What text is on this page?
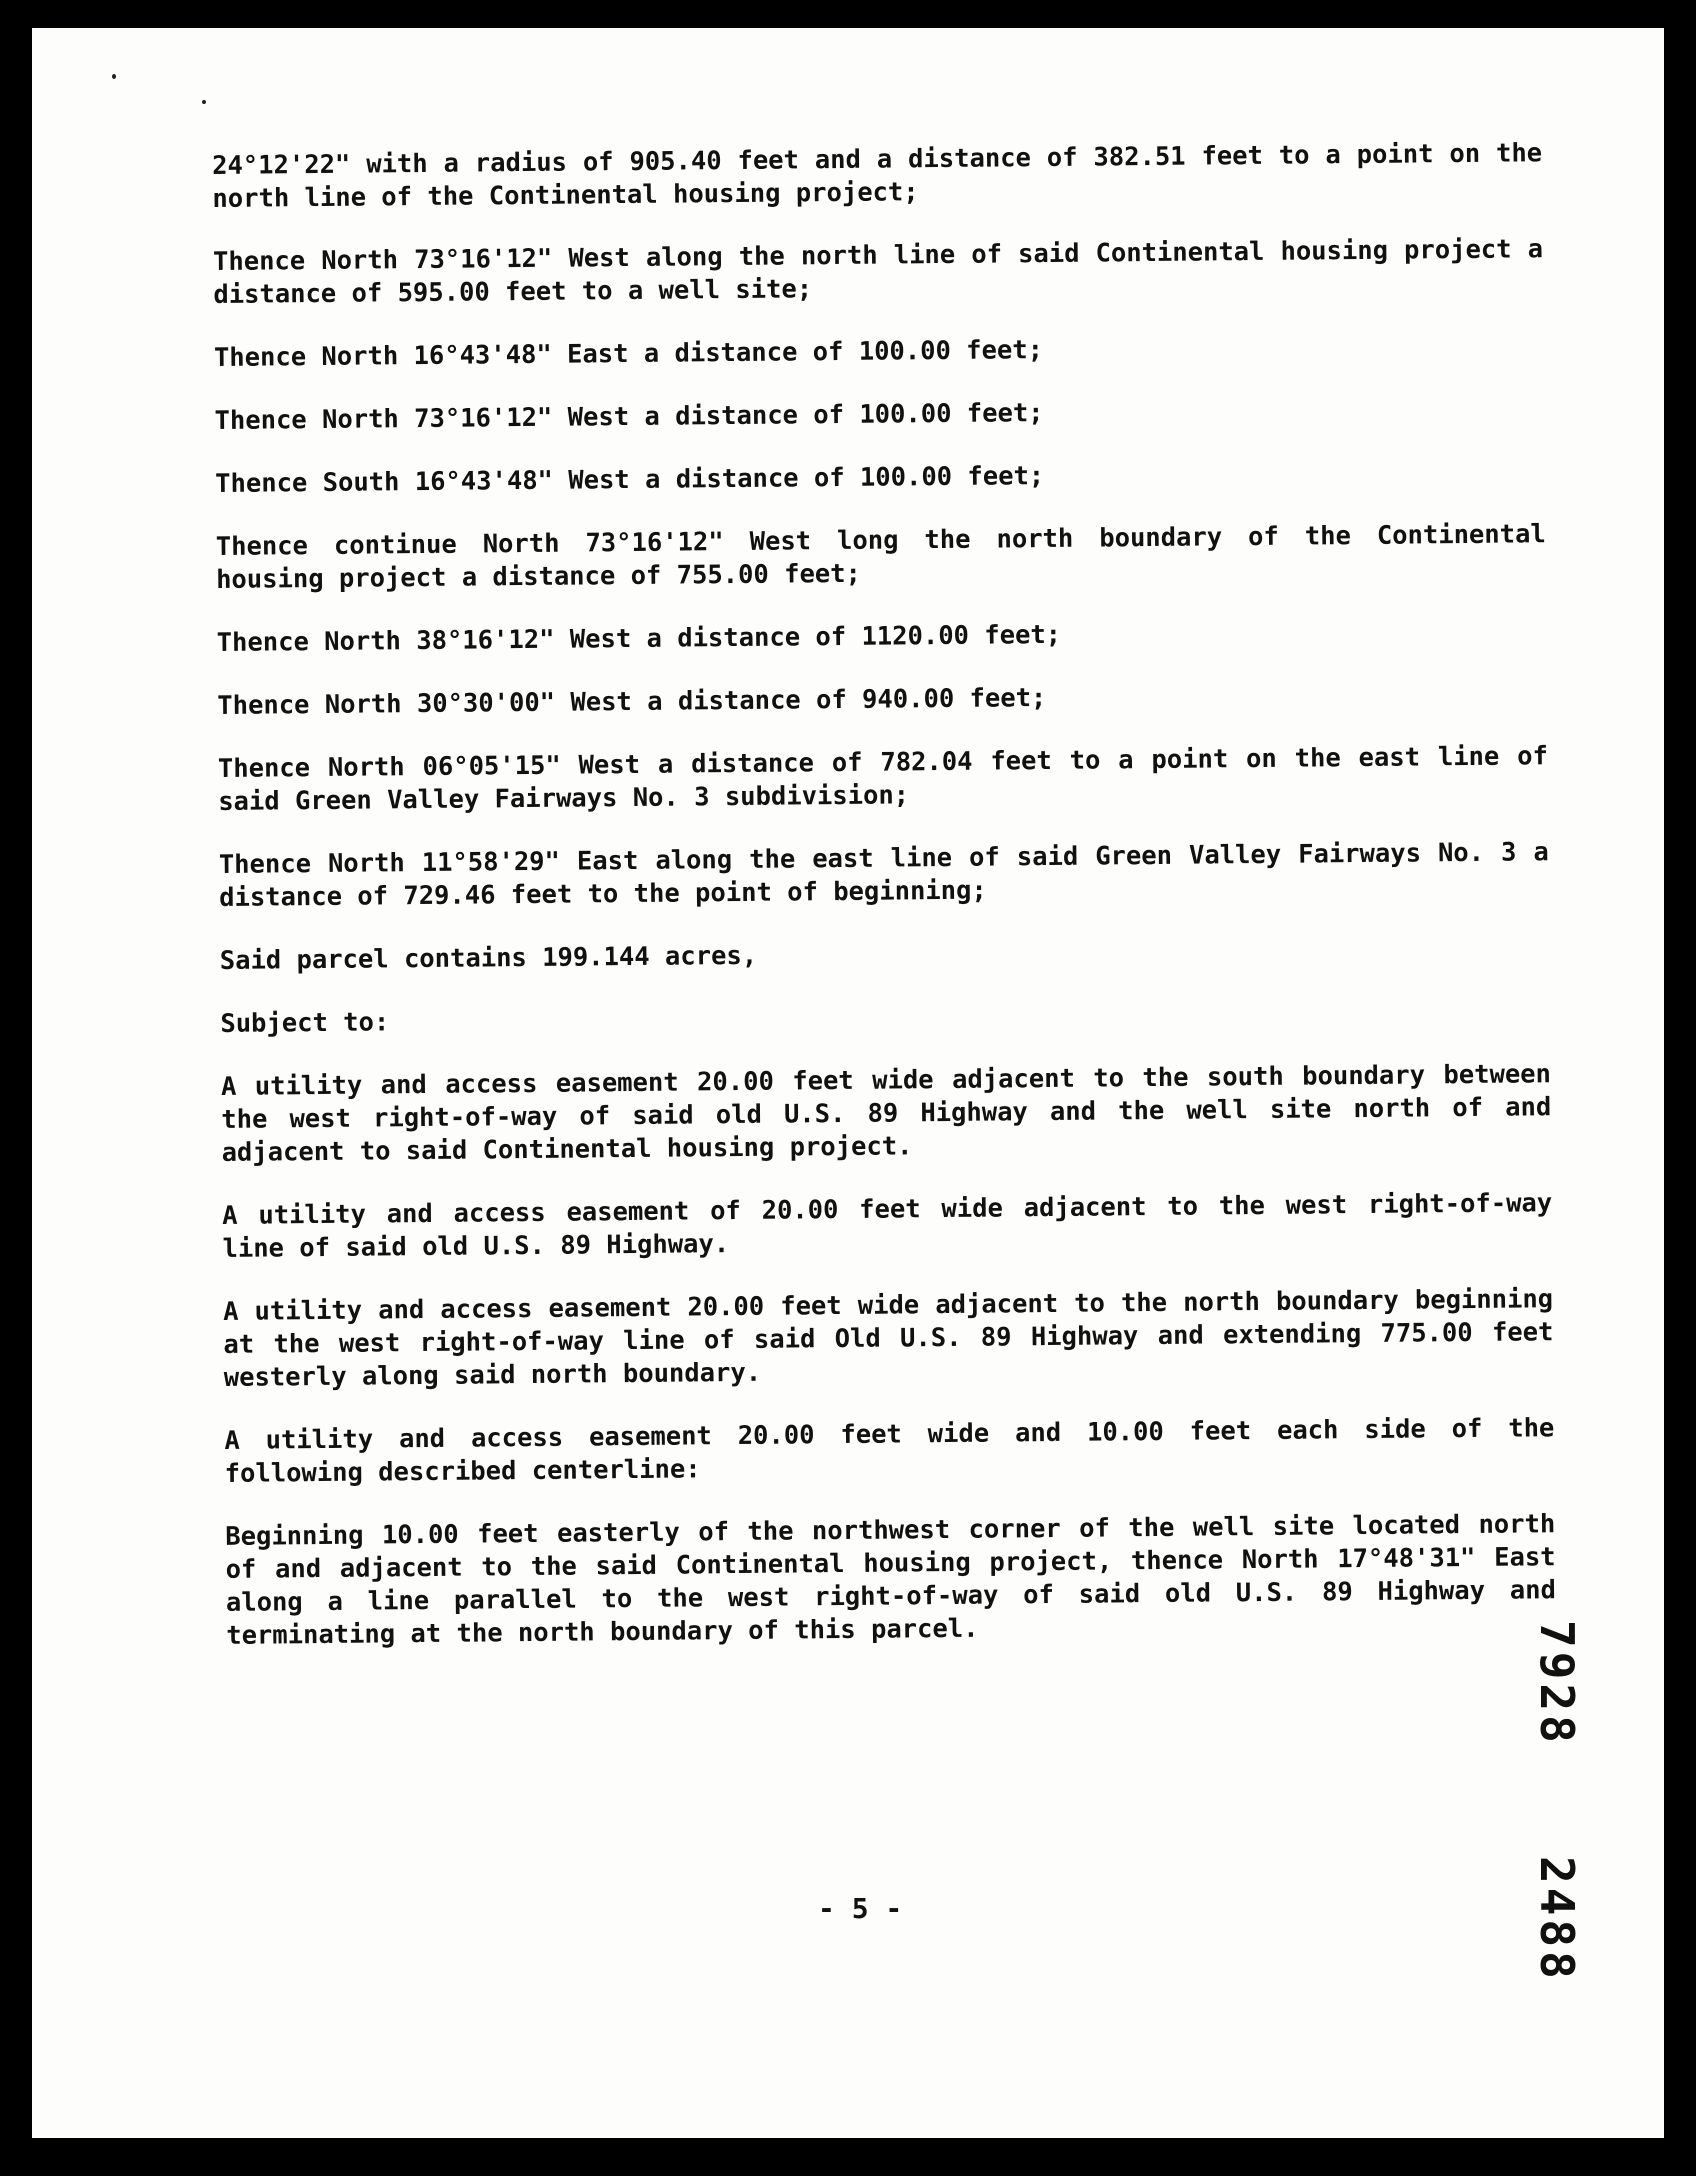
24°12'22" with a radius of 905.40 feet and a distance of 382.51 feet to a point on the north line of the Continental housing project;

Thence North 73°16'12" West along the north line of said Continental housing project a distance of 595.00 feet to a well site;

Thence North 16°43'48" East a distance of 100.00 feet;

Thence North 73°16'12" West a distance of 100.00 feet;

Thence South 16°43'48" West a distance of 100.00 feet;

Thence continue North 73°16'12" West long the north boundary of the Continental housing project a distance of 755.00 feet;

Thence North 38°16'12" West a distance of 1120.00 feet;

Thence North 30°30'00" West a distance of 940.00 feet;

Thence North 06°05'15" West a distance of 782.04 feet to a point on the east line of said Green Valley Fairways No. 3 subdivision;

Thence North 11°58'29" East along the east line of said Green Valley Fairways No. 3 a distance of 729.46 feet to the point of beginning;

Said parcel contains 199.144 acres,

Subject to:

A utility and access easement 20.00 feet wide adjacent to the south boundary between the west right-of-way of said old U.S. 89 Highway and the well site north of and adjacent to said Continental housing project.

A utility and access easement of 20.00 feet wide adjacent to the west right-of-way line of said old U.S. 89 Highway.

A utility and access easement 20.00 feet wide adjacent to the north boundary beginning at the west right-of-way line of said Old U.S. 89 Highway and extending 775.00 feet westerly along said north boundary.

A utility and access easement 20.00 feet wide and 10.00 feet each side of the following described centerline:

Beginning 10.00 feet easterly of the northwest corner of the well site located north of and adjacent to the said Continental housing project, thence North 17°48'31" East along a line parallel to the west right-of-way of said old U.S. 89 Highway and terminating at the north boundary of this parcel.

- 5 -
7928  2488
